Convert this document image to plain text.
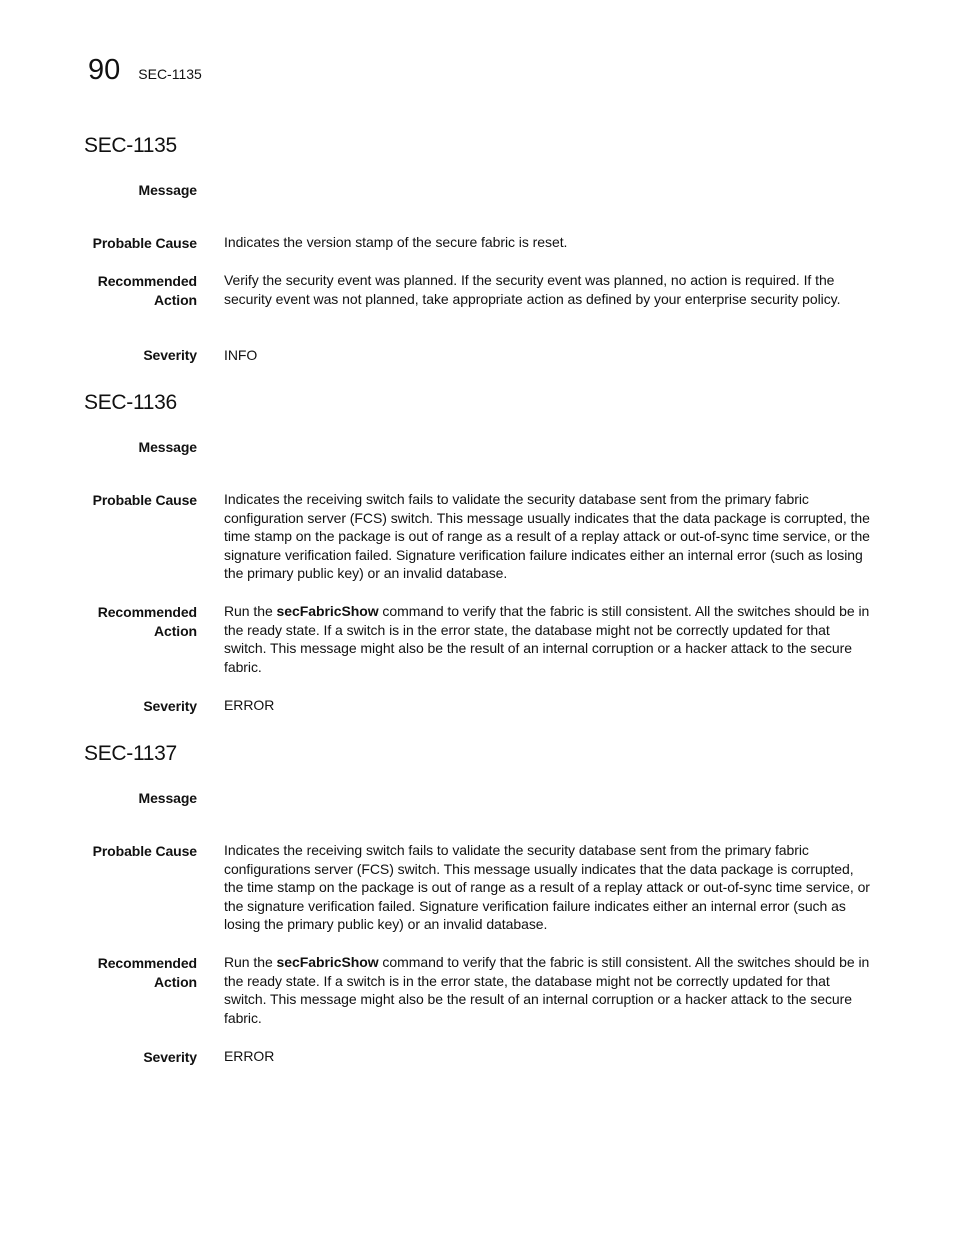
90 SEC-1135
SEC-1135
Message
Probable Cause Indicates the version stamp of the secure fabric is reset.
Recommended
Action
Verify the security event was planned. If the security event was planned, no action is required. If the security event was not planned, take appropriate action as defined by your enterprise security policy.
Severity INFO
SEC-1136
Message
Probable Cause Indicates the receiving switch fails to validate the security database sent from the primary fabric configuration server (FCS) switch. This message usually indicates that the data package is corrupted, the time stamp on the package is out of range as a result of a replay attack or out-of-sync time service, or the signature verification failed. Signature verification failure indicates either an internal error (such as losing the primary public key) or an invalid database.
Recommended
Action
Run the secFabricShow command to verify that the fabric is still consistent. All the switches should be in the ready state. If a switch is in the error state, the database might not be correctly updated for that switch. This message might also be the result of an internal corruption or a hacker attack to the secure fabric.
Severity ERROR
SEC-1137
Message
Probable Cause Indicates the receiving switch fails to validate the security database sent from the primary fabric configurations server (FCS) switch. This message usually indicates that the data package is corrupted, the time stamp on the package is out of range as a result of a replay attack or out-of-sync time service, or the signature verification failed. Signature verification failure indicates either an internal error (such as losing the primary public key) or an invalid database.
Recommended
Action
Run the secFabricShow command to verify that the fabric is still consistent. All the switches should be in the ready state. If a switch is in the error state, the database might not be correctly updated for that switch. This message might also be the result of an internal corruption or a hacker attack to the secure fabric.
Severity ERROR
